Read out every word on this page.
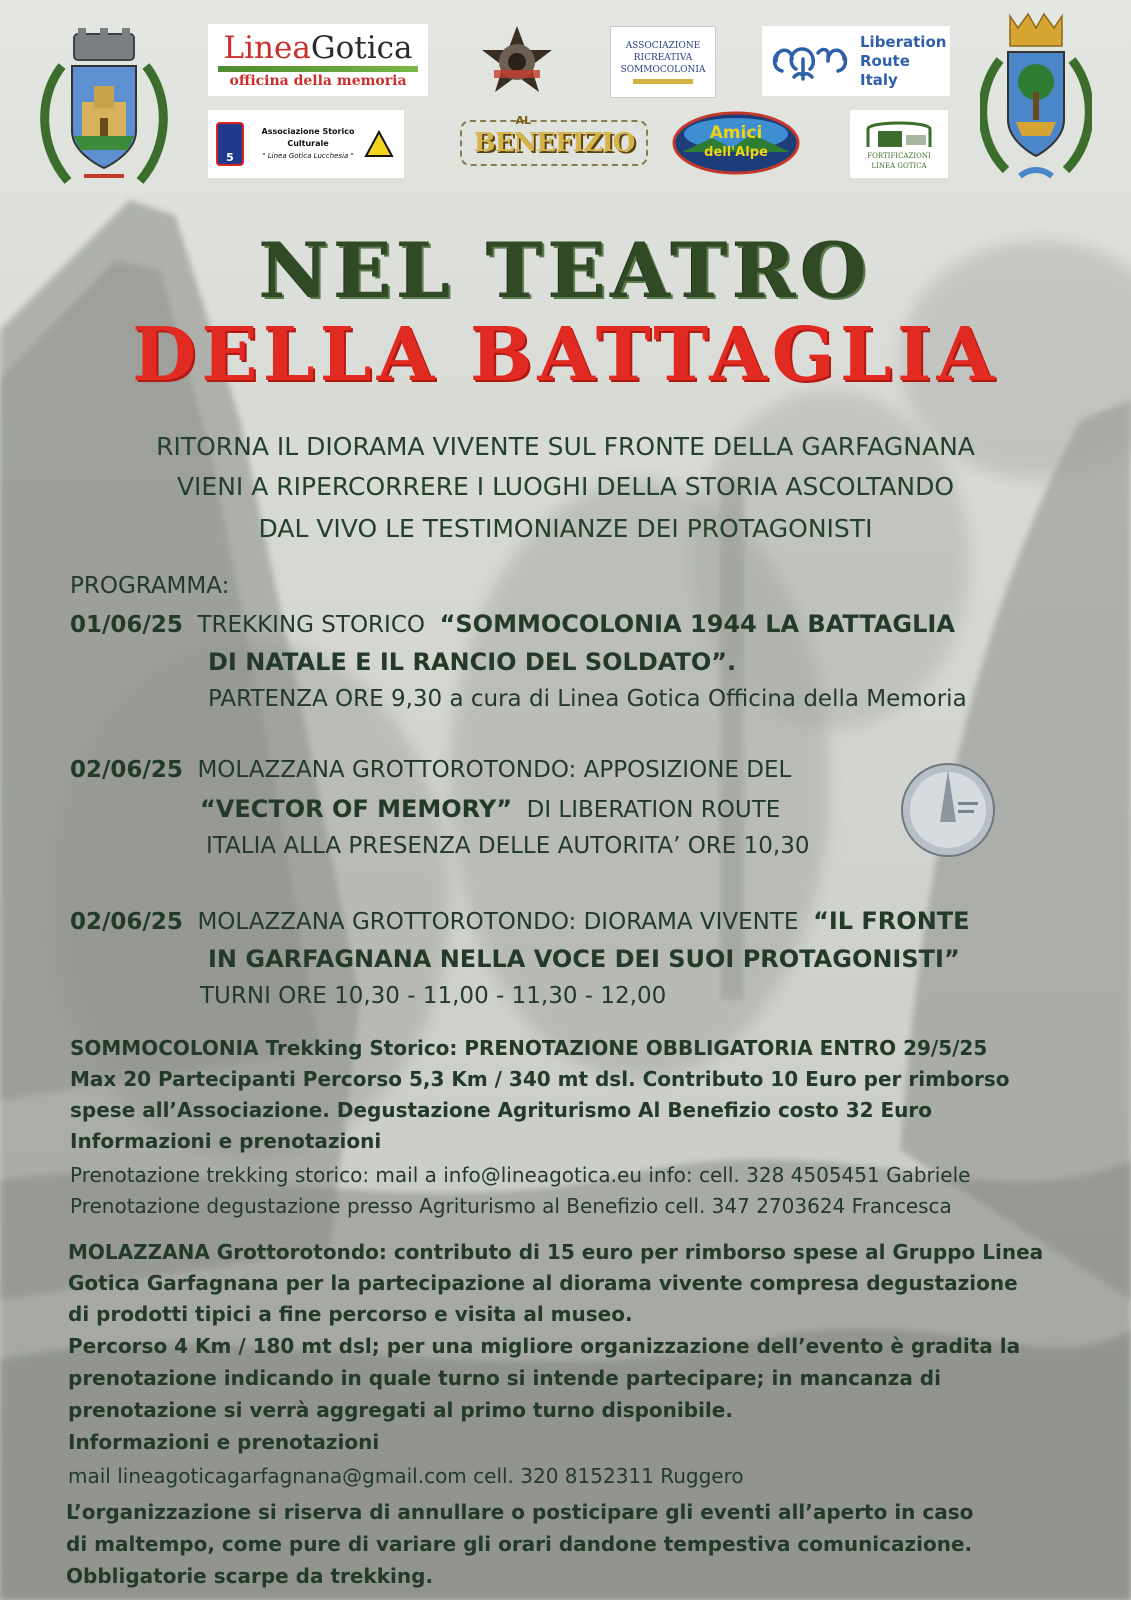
LineaGotica
officina della memoria
ASSOCIAZIONE
RICREATIVA
SOMMOCOLONIA
Liberation
Route
Italy
5
Associazione Storico Culturale
" Linea Gotica Lucchesia "
AL
BENEFIZIO	Amici
dell'Alpe	FORTIFICAZIONI
LINEA GOTICA
NEL TEATRO
DELLA BATTAGLIA
RITORNA IL DIORAMA VIVENTE SUL FRONTE DELLA GARFAGNANA
VIENI A RIPERCORRERE I LUOGHI DELLA STORIA ASCOLTANDO
DAL VIVO LE TESTIMONIANZE DEI PROTAGONISTI
PROGRAMMA:
01/06/25 TREKKING STORICO “SOMMOCOLONIA 1944 LA BATTAGLIA
DI NATALE E IL RANCIO DEL SOLDATO”.
PARTENZA ORE 9,30 a cura di Linea Gotica Officina della Memoria
02/06/25 MOLAZZANA GROTTOROTONDO: APPOSIZIONE DEL
“VECTOR OF MEMORY” DI LIBERATION ROUTE
ITALIA ALLA PRESENZA DELLE AUTORITA’ ORE 10,30
02/06/25 MOLAZZANA GROTTOROTONDO: DIORAMA VIVENTE “IL FRONTE
IN GARFAGNANA NELLA VOCE DEI SUOI PROTAGONISTI”
TURNI ORE 10,30 - 11,00 - 11,30 - 12,00
SOMMOCOLONIA Trekking Storico: PRENOTAZIONE OBBLIGATORIA ENTRO 29/5/25
Max 20 Partecipanti Percorso 5,3 Km / 340 mt dsl. Contributo 10 Euro per rimborso
spese all’Associazione. Degustazione Agriturismo Al Benefizio costo 32 Euro
Informazioni e prenotazioni
Prenotazione trekking storico: mail a info@lineagotica.eu info: cell. 328 4505451 Gabriele
Prenotazione degustazione presso Agriturismo al Benefizio cell. 347 2703624 Francesca
MOLAZZANA Grottorotondo: contributo di 15 euro per rimborso spese al Gruppo Linea
Gotica Garfagnana per la partecipazione al diorama vivente compresa degustazione
di prodotti tipici a fine percorso e visita al museo.
Percorso 4 Km / 180 mt dsl; per una migliore organizzazione dell’evento è gradita la
prenotazione indicando in quale turno si intende partecipare; in mancanza di
prenotazione si verrà aggregati al primo turno disponibile.
Informazioni e prenotazioni
mail lineagoticagarfagnana@gmail.com cell. 320 8152311 Ruggero
L’organizzazione si riserva di annullare o posticipare gli eventi all’aperto in caso
di maltempo, come pure di variare gli orari dandone tempestiva comunicazione.
Obbligatorie scarpe da trekking.
